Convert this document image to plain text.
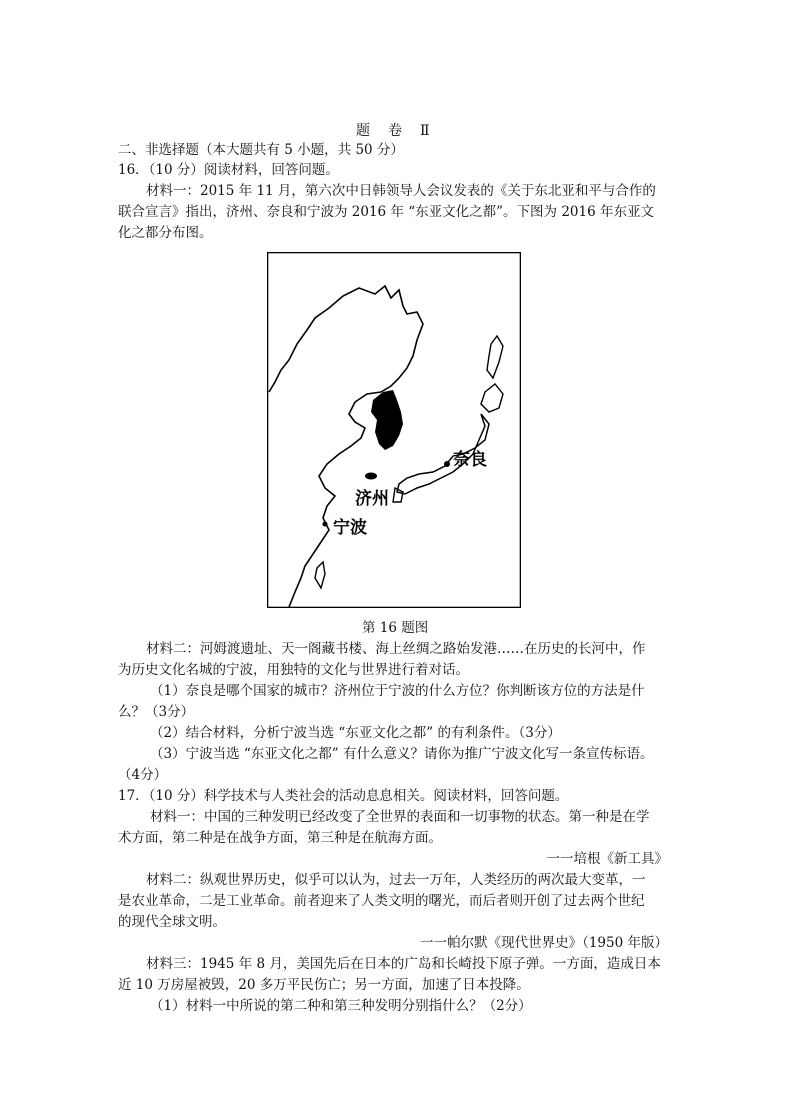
题　卷　Ⅱ
二、非选择题（本大题共有 5 小题，共 50 分）
16．（10 分）阅读材料，回答问题。
材料一：2015 年 11 月，第六次中日韩领导人会议发表的《关于东北亚和平与合作的
联合宣言》指出，济州、奈良和宁波为 2016 年 “东亚文化之都”。下图为 2016 年东亚文
化之都分布图。
奈良
济州
宁波
第 16 题图
材料二：河姆渡遗址、天一阁藏书楼、海上丝绸之路始发港……在历史的长河中，作
为历史文化名城的宁波，用独特的文化与世界进行着对话。
（1）奈良是哪个国家的城市？济州位于宁波的什么方位？你判断该方位的方法是什
么？（3分）
（2）结合材料，分析宁波当选 “东亚文化之都” 的有利条件。（3分）
（3）宁波当选 “东亚文化之都” 有什么意义？请你为推广宁波文化写一条宣传标语。
（4分）
17．（10 分）科学技术与人类社会的活动息息相关。阅读材料，回答问题。
材料一：中国的三种发明已经改变了全世界的表面和一切事物的状态。第一种是在学
术方面，第二种是在战争方面，第三种是在航海方面。
一一培根《新工具》
材料二：纵观世界历史，似乎可以认为，过去一万年，人类经历的两次最大变革，一
是农业革命，二是工业革命。前者迎来了人类文明的曙光，而后者则开创了过去两个世纪
的现代全球文明。
一一帕尔默《现代世界史》（1950 年版）
材料三：1945 年 8 月，美国先后在日本的广岛和长崎投下原子弹。一方面，造成日本
近 10 万房屋被毁，20 多万平民伤亡；另一方面，加速了日本投降。
（1）材料一中所说的第二种和第三种发明分别指什么？（2分）
